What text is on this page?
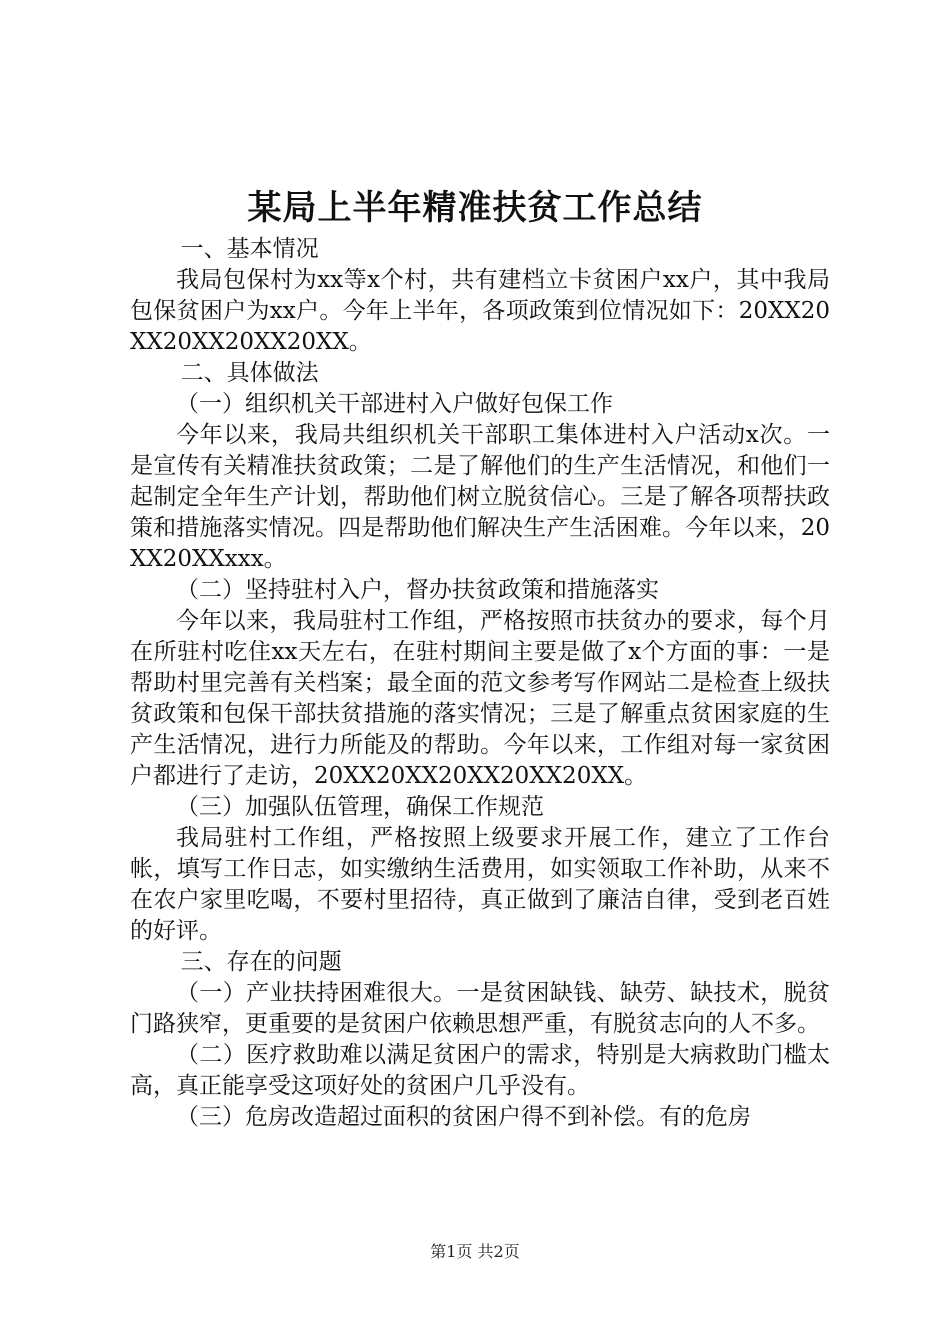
某局上半年精准扶贫工作总结

一、基本情况

我局包保村为xx等x个村，共有建档立卡贫困户xx户，其中我局包保贫困户为xx户。今年上半年，各项政策到位情况如下：20XX20XX20XX20XX20XX。

二、具体做法

（一）组织机关干部进村入户做好包保工作

今年以来，我局共组织机关干部职工集体进村入户活动x次。一是宣传有关精准扶贫政策；二是了解他们的生产生活情况，和他们一起制定全年生产计划，帮助他们树立脱贫信心。三是了解各项帮扶政策和措施落实情况。四是帮助他们解决生产生活困难。今年以来，20XX20XXxxx。

（二）坚持驻村入户，督办扶贫政策和措施落实

今年以来，我局驻村工作组，严格按照市扶贫办的要求，每个月在所驻村吃住xx天左右，在驻村期间主要是做了x个方面的事：一是帮助村里完善有关档案；最全面的范文参考写作网站二是检查上级扶贫政策和包保干部扶贫措施的落实情况；三是了解重点贫困家庭的生产生活情况，进行力所能及的帮助。今年以来，工作组对每一家贫困户都进行了走访，20XX20XX20XX20XX20XX。

（三）加强队伍管理，确保工作规范

我局驻村工作组，严格按照上级要求开展工作，建立了工作台帐，填写工作日志，如实缴纳生活费用，如实领取工作补助，从来不在农户家里吃喝，不要村里招待，真正做到了廉洁自律，受到老百姓的好评。

三、存在的问题

（一）产业扶持困难很大。一是贫困缺钱、缺劳、缺技术，脱贫门路狭窄，更重要的是贫困户依赖思想严重，有脱贫志向的人不多。

（二）医疗救助难以满足贫困户的需求，特别是大病救助门槛太高，真正能享受这项好处的贫困户几乎没有。

（三）危房改造超过面积的贫困户得不到补偿。有的危房

第1页 共2页
